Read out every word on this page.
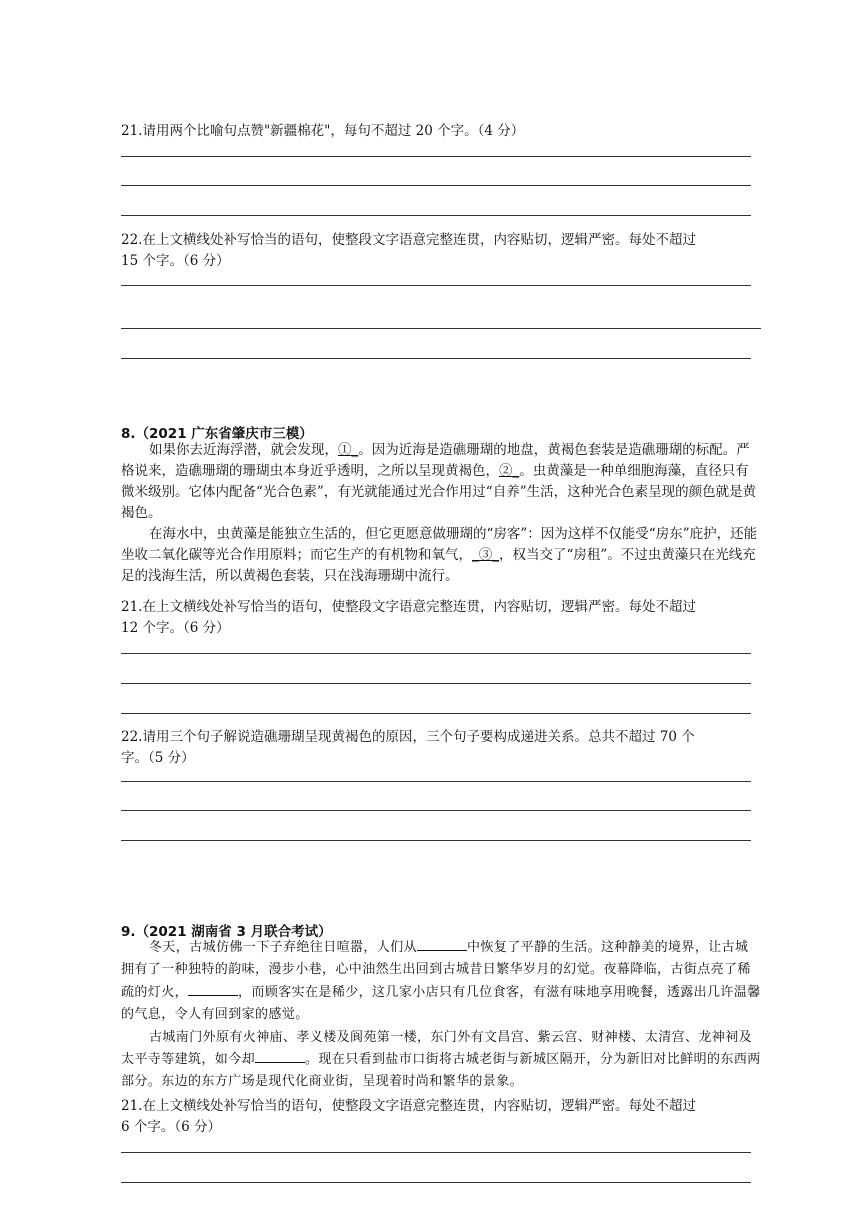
21.请用两个比喻句点赞"新疆棉花"，每句不超过 20 个字。（4 分）

22.在上文横线处补写恰当的语句，使整段文字语意完整连贯，内容贴切，逻辑严密。每处不超过

15 个字。（6 分）

8.（2021 广东省肇庆市三模）

如果你去近海浮潜，就会发现，①_。因为近海是造礁珊瑚的地盘，黄褐色套装是造礁珊瑚的标配。严格说来，造礁珊瑚的珊瑚虫本身近乎透明，之所以呈现黄褐色，②_。虫黄藻是一种单细胞海藻，直径只有微米级别。它体内配备“光合色素”，有光就能通过光合作用过“自养”生活，这种光合色素呈现的颜色就是黄褐色。

在海水中，虫黄藻是能独立生活的，但它更愿意做珊瑚的“房客”：因为这样不仅能受“房东”庇护，还能坐收二氧化碳等光合作用原料；而它生产的有机物和氧气，_③_，权当交了“房租”。不过虫黄藻只在光线充足的浅海生活，所以黄褐色套装，只在浅海珊瑚中流行。

21.在上文横线处补写恰当的语句，使整段文字语意完整连贯，内容贴切，逻辑严密。每处不超过

12 个字。（6 分）

22.请用三个句子解说造礁珊瑚呈现黄褐色的原因，三个句子要构成递进关系。总共不超过 70 个

字。（5 分）

9.（2021 湖南省 3 月联合考试）

冬天，古城仿佛一下子弃绝往日喧嚣，人们从	中恢复了平静的生活。这种静美的境界，让古城拥有了一种独特的韵味，漫步小巷，心中油然生出回到古城昔日繁华岁月的幻觉。夜幕降临，古街点亮了稀疏的灯火，	，而顾客实在是稀少，这几家小店只有几位食客，有滋有味地享用晚餐，透露出几许温馨的气息，令人有回到家的感觉。

古城南门外原有火神庙、孝义楼及阆苑第一楼，东门外有文昌宫、紫云宫、财神楼、太清宫、龙神祠及太平寺等建筑，如今却	。现在只看到盐市口街将古城老街与新城区隔开，分为新旧对比鲜明的东西两部分。东边的东方广场是现代化商业街，呈现着时尚和繁华的景象。

21.在上文横线处补写恰当的语句，使整段文字语意完整连贯，内容贴切，逻辑严密。每处不超过

6 个字。（6 分）
